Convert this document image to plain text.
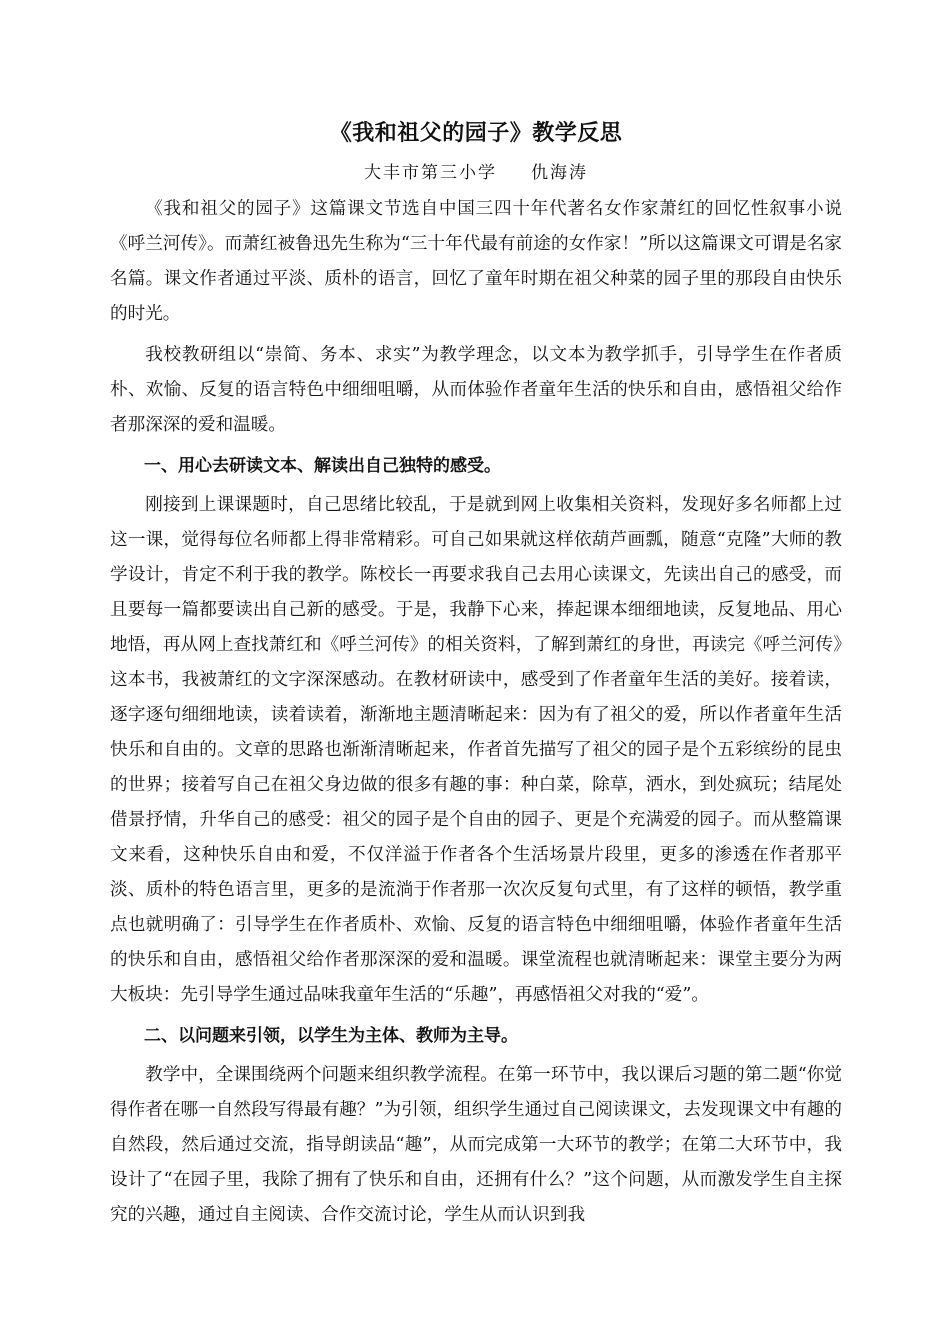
《我和祖父的园子》教学反思
大丰市第三小学 仇海涛

《我和祖父的园子》这篇课文节选自中国三四十年代著名女作家萧红的回忆性叙事小说《呼兰河传》。而萧红被鲁迅先生称为“三十年代最有前途的女作家！”所以这篇课文可谓是名家名篇。课文作者通过平淡、质朴的语言，回忆了童年时期在祖父种菜的园子里的那段自由快乐的时光。

我校教研组以“崇简、务本、求实”为教学理念，以文本为教学抓手，引导学生在作者质朴、欢愉、反复的语言特色中细细咀嚼，从而体验作者童年生活的快乐和自由，感悟祖父给作者那深深的爱和温暖。

一、用心去研读文本、解读出自己独特的感受。

刚接到上课课题时，自己思绪比较乱，于是就到网上收集相关资料，发现好多名师都上过这一课，觉得每位名师都上得非常精彩。可自己如果就这样依葫芦画瓢，随意“克隆”大师的教学设计，肯定不利于我的教学。陈校长一再要求我自己去用心读课文，先读出自己的感受，而且要每一篇都要读出自己新的感受。于是，我静下心来，捧起课本细细地读，反复地品、用心地悟，再从网上查找萧红和《呼兰河传》的相关资料，了解到萧红的身世，再读完《呼兰河传》这本书，我被萧红的文字深深感动。在教材研读中，感受到了作者童年生活的美好。接着读，逐字逐句细细地读，读着读着，渐渐地主题清晰起来：因为有了祖父的爱，所以作者童年生活快乐和自由的。文章的思路也渐渐清晰起来，作者首先描写了祖父的园子是个五彩缤纷的昆虫的世界；接着写自己在祖父身边做的很多有趣的事：种白菜，除草，洒水，到处疯玩；结尾处借景抒情，升华自己的感受：祖父的园子是个自由的园子、更是个充满爱的园子。而从整篇课文来看，这种快乐自由和爱，不仅洋溢于作者各个生活场景片段里，更多的渗透在作者那平淡、质朴的特色语言里，更多的是流淌于作者那一次次反复句式里，有了这样的顿悟，教学重点也就明确了：引导学生在作者质朴、欢愉、反复的语言特色中细细咀嚼，体验作者童年生活的快乐和自由，感悟祖父给作者那深深的爱和温暖。课堂流程也就清晰起来：课堂主要分为两大板块：先引导学生通过品味我童年生活的“乐趣”，再感悟祖父对我的“爱”。

二、以问题来引领，以学生为主体、教师为主导。

教学中，全课围绕两个问题来组织教学流程。在第一环节中，我以课后习题的第二题“你觉得作者在哪一自然段写得最有趣？”为引领，组织学生通过自己阅读课文，去发现课文中有趣的自然段，然后通过交流，指导朗读品“趣”，从而完成第一大环节的教学；在第二大环节中，我设计了“在园子里，我除了拥有了快乐和自由，还拥有什么？”这个问题，从而激发学生自主探究的兴趣，通过自主阅读、合作交流讨论，学生从而认识到我
